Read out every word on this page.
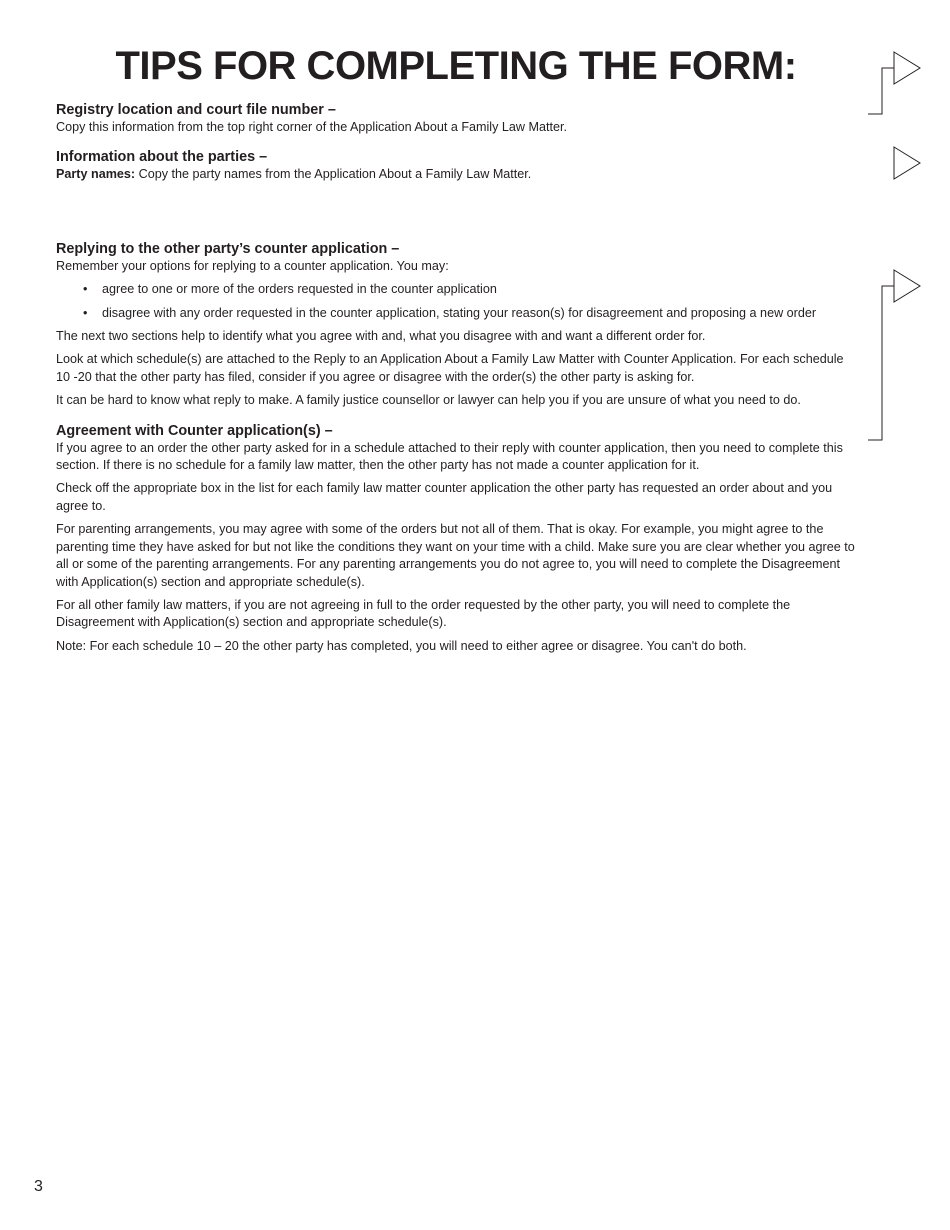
TIPS FOR COMPLETING THE FORM:

Registry location and court file number –

Copy this information from the top right corner of the Application About a Family Law Matter.

Information about the parties –

Party names: Copy the party names from the Application About a Family Law Matter.

Replying to the other party’s counter application –

Remember your options for replying to a counter application. You may:

• agree to one or more of the orders requested in the counter application
• disagree with any order requested in the counter application, stating your reason(s) for disagreement and proposing a new order

The next two sections help to identify what you agree with and, what you disagree with and want a different order for.

Look at which schedule(s) are attached to the Reply to an Application About a Family Law Matter with Counter Application. For each schedule 10 -20 that the other party has filed, consider if you agree or disagree with the order(s) the other party is asking for.

It can be hard to know what reply to make. A family justice counsellor or lawyer can help you if you are unsure of what you need to do.

Agreement with Counter application(s) –

If you agree to an order the other party asked for in a schedule attached to their reply with counter application, then you need to complete this section. If there is no schedule for a family law matter, then the other party has not made a counter application for it.

Check off the appropriate box in the list for each family law matter counter application the other party has requested an order about and you agree to.

For parenting arrangements, you may agree with some of the orders but not all of them. That is okay. For example, you might agree to the parenting time they have asked for but not like the conditions they want on your time with a child. Make sure you are clear whether you agree to all or some of the parenting arrangements. For any parenting arrangements you do not agree to, you will need to complete the Disagreement with Application(s) section and appropriate schedule(s).

For all other family law matters, if you are not agreeing in full to the order requested by the other party, you will need to complete the Disagreement with Application(s) section and appropriate schedule(s).

Note: For each schedule 10 – 20 the other party has completed, you will need to either agree or disagree. You can't do both.

3
